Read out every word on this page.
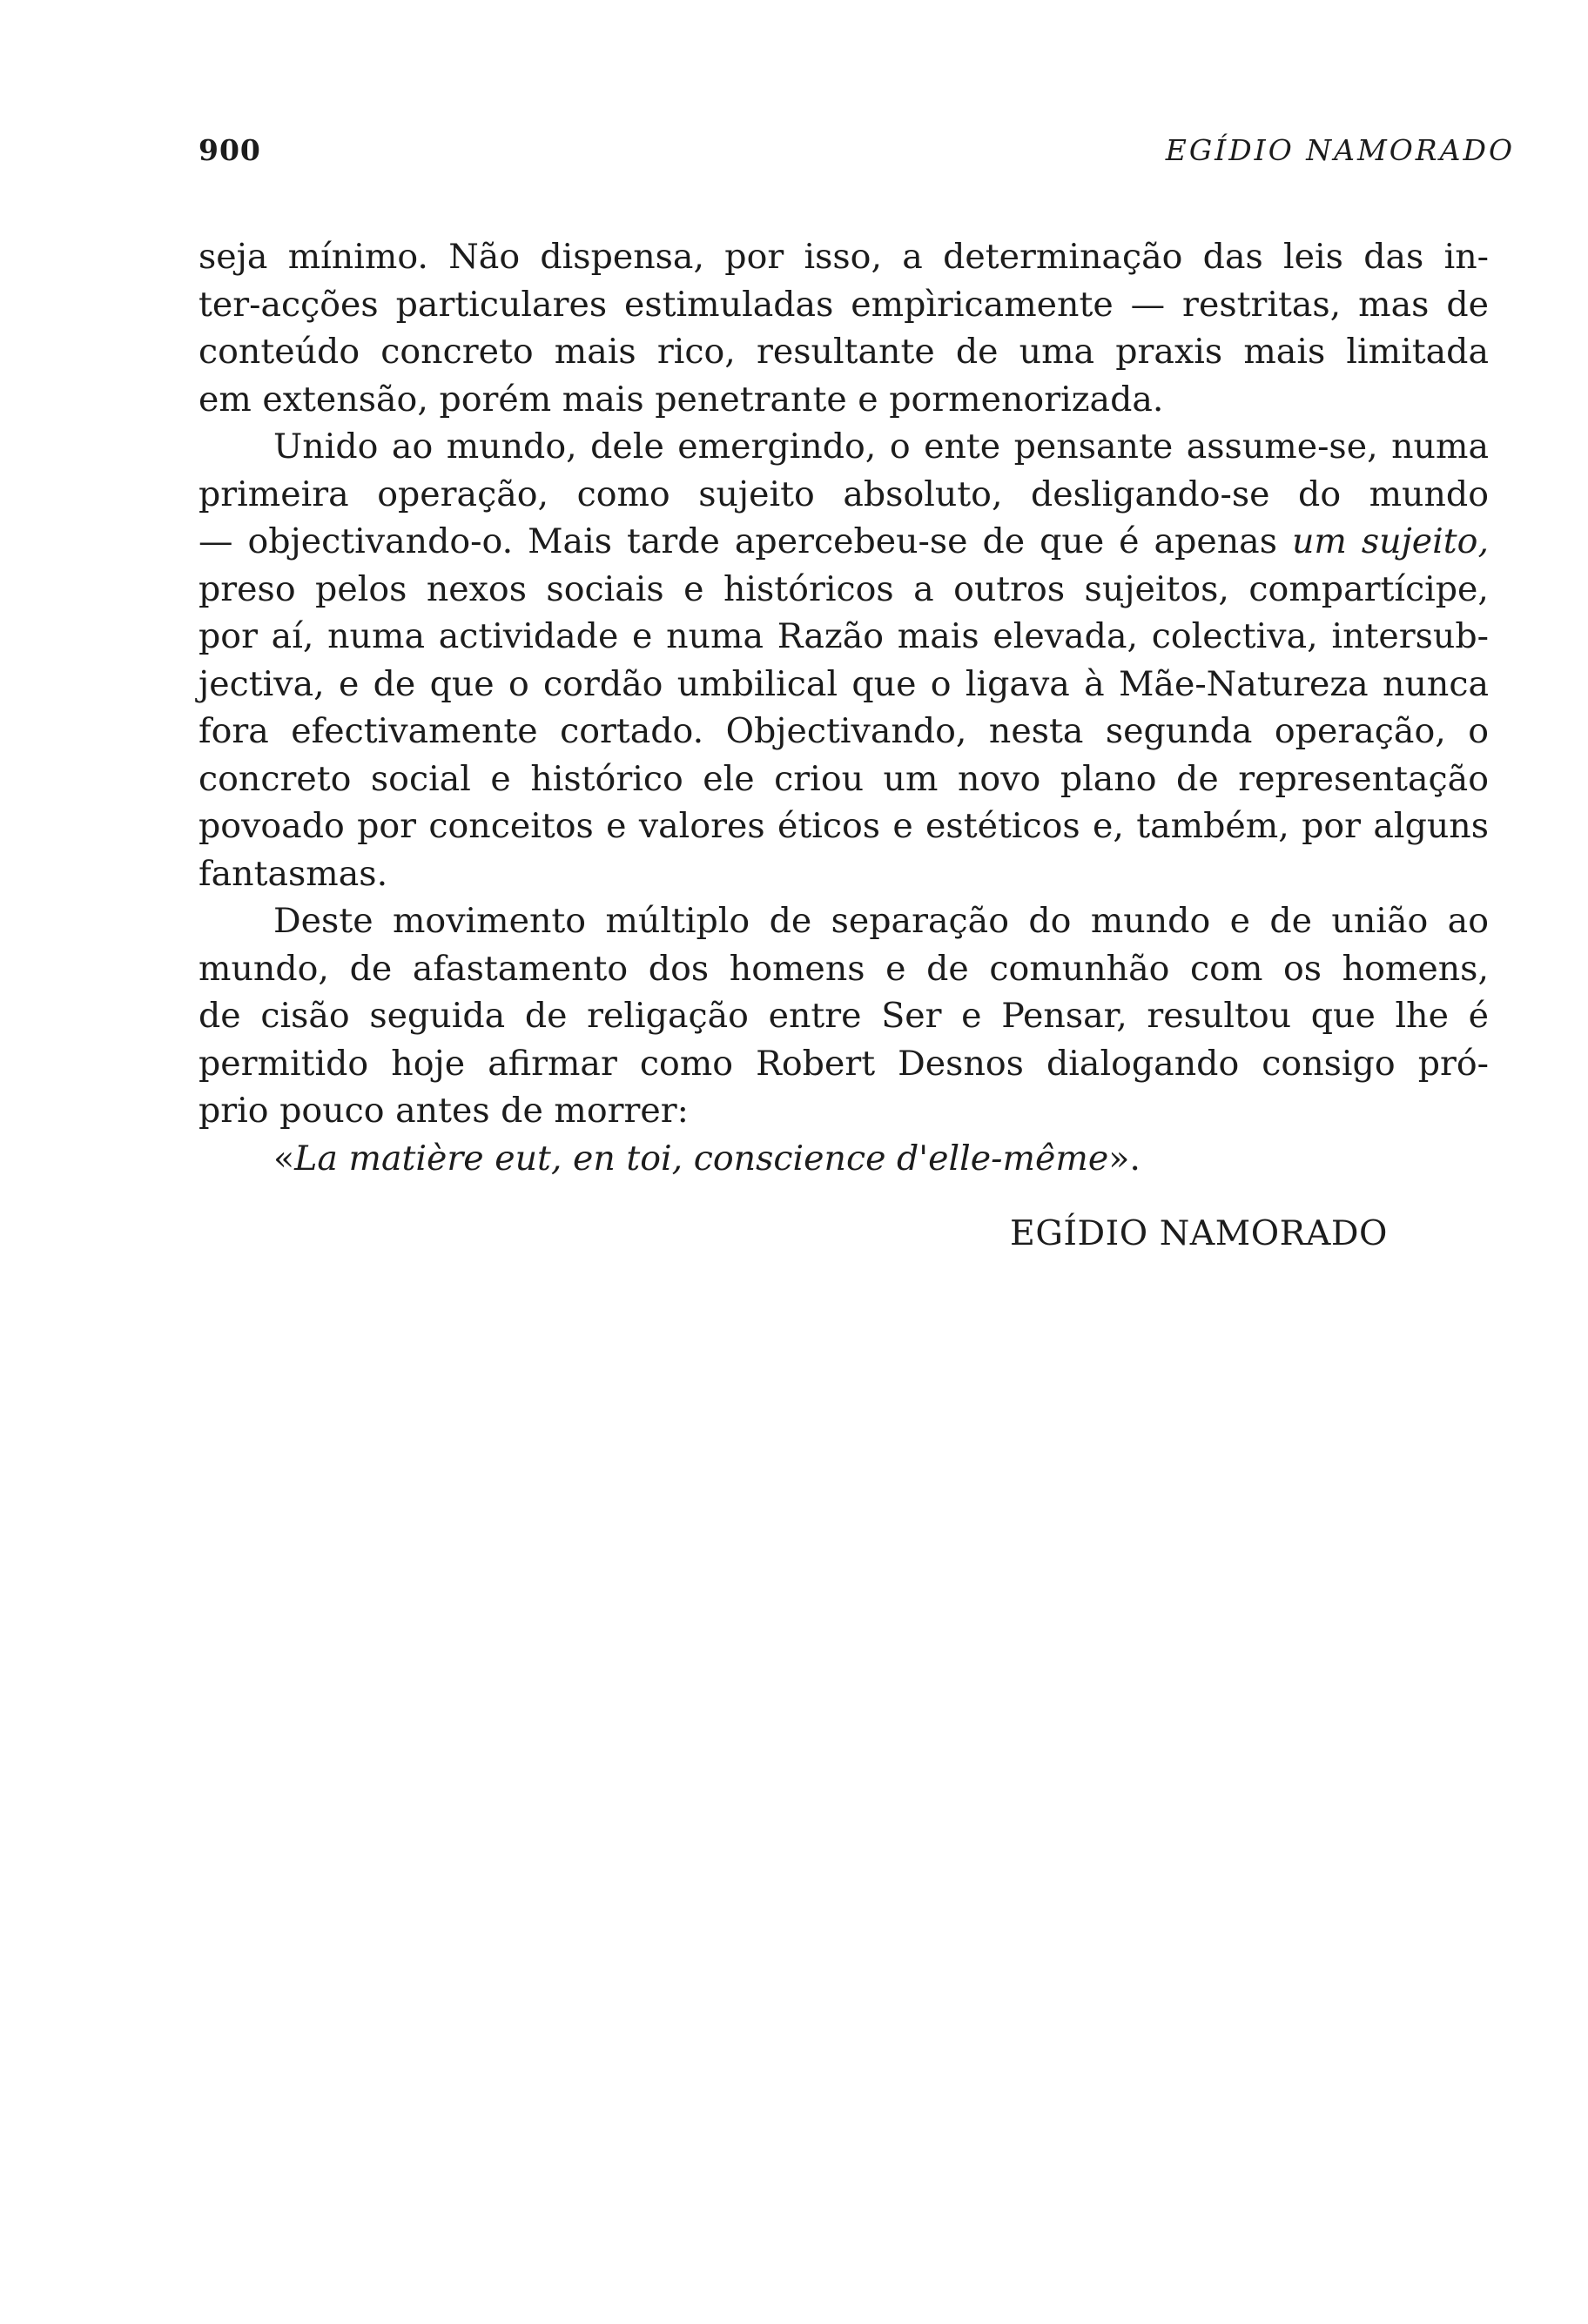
900	EGÍDIO NAMORADO
seja mínimo. Não dispensa, por isso, a determinação das leis das in-
ter-acções particulares estimuladas empìricamente — restritas, mas de
conteúdo concreto mais rico, resultante de uma praxis mais limitada
em extensão, porém mais penetrante e pormenorizada.
Unido ao mundo, dele emergindo, o ente pensante assume-se, numa
primeira operação, como sujeito absoluto, desligando-se do mundo
— objectivando-o. Mais tarde apercebeu-se de que é apenas um sujeito,
preso pelos nexos sociais e históricos a outros sujeitos, compartícipe,
por aí, numa actividade e numa Razão mais elevada, colectiva, intersub-
jectiva, e de que o cordão umbilical que o ligava à Mãe-Natureza nunca
fora efectivamente cortado. Objectivando, nesta segunda operação, o
concreto social e histórico ele criou um novo plano de representação
povoado por conceitos e valores éticos e estéticos e, também, por alguns
fantasmas.
Deste movimento múltiplo de separação do mundo e de união ao
mundo, de afastamento dos homens e de comunhão com os homens,
de cisão seguida de religação entre Ser e Pensar, resultou que lhe é
permitido hoje afirmar como Robert Desnos dialogando consigo pró-
prio pouco antes de morrer:
«La matière eut, en toi, conscience d'elle-même».
EGÍDIO NAMORADO
